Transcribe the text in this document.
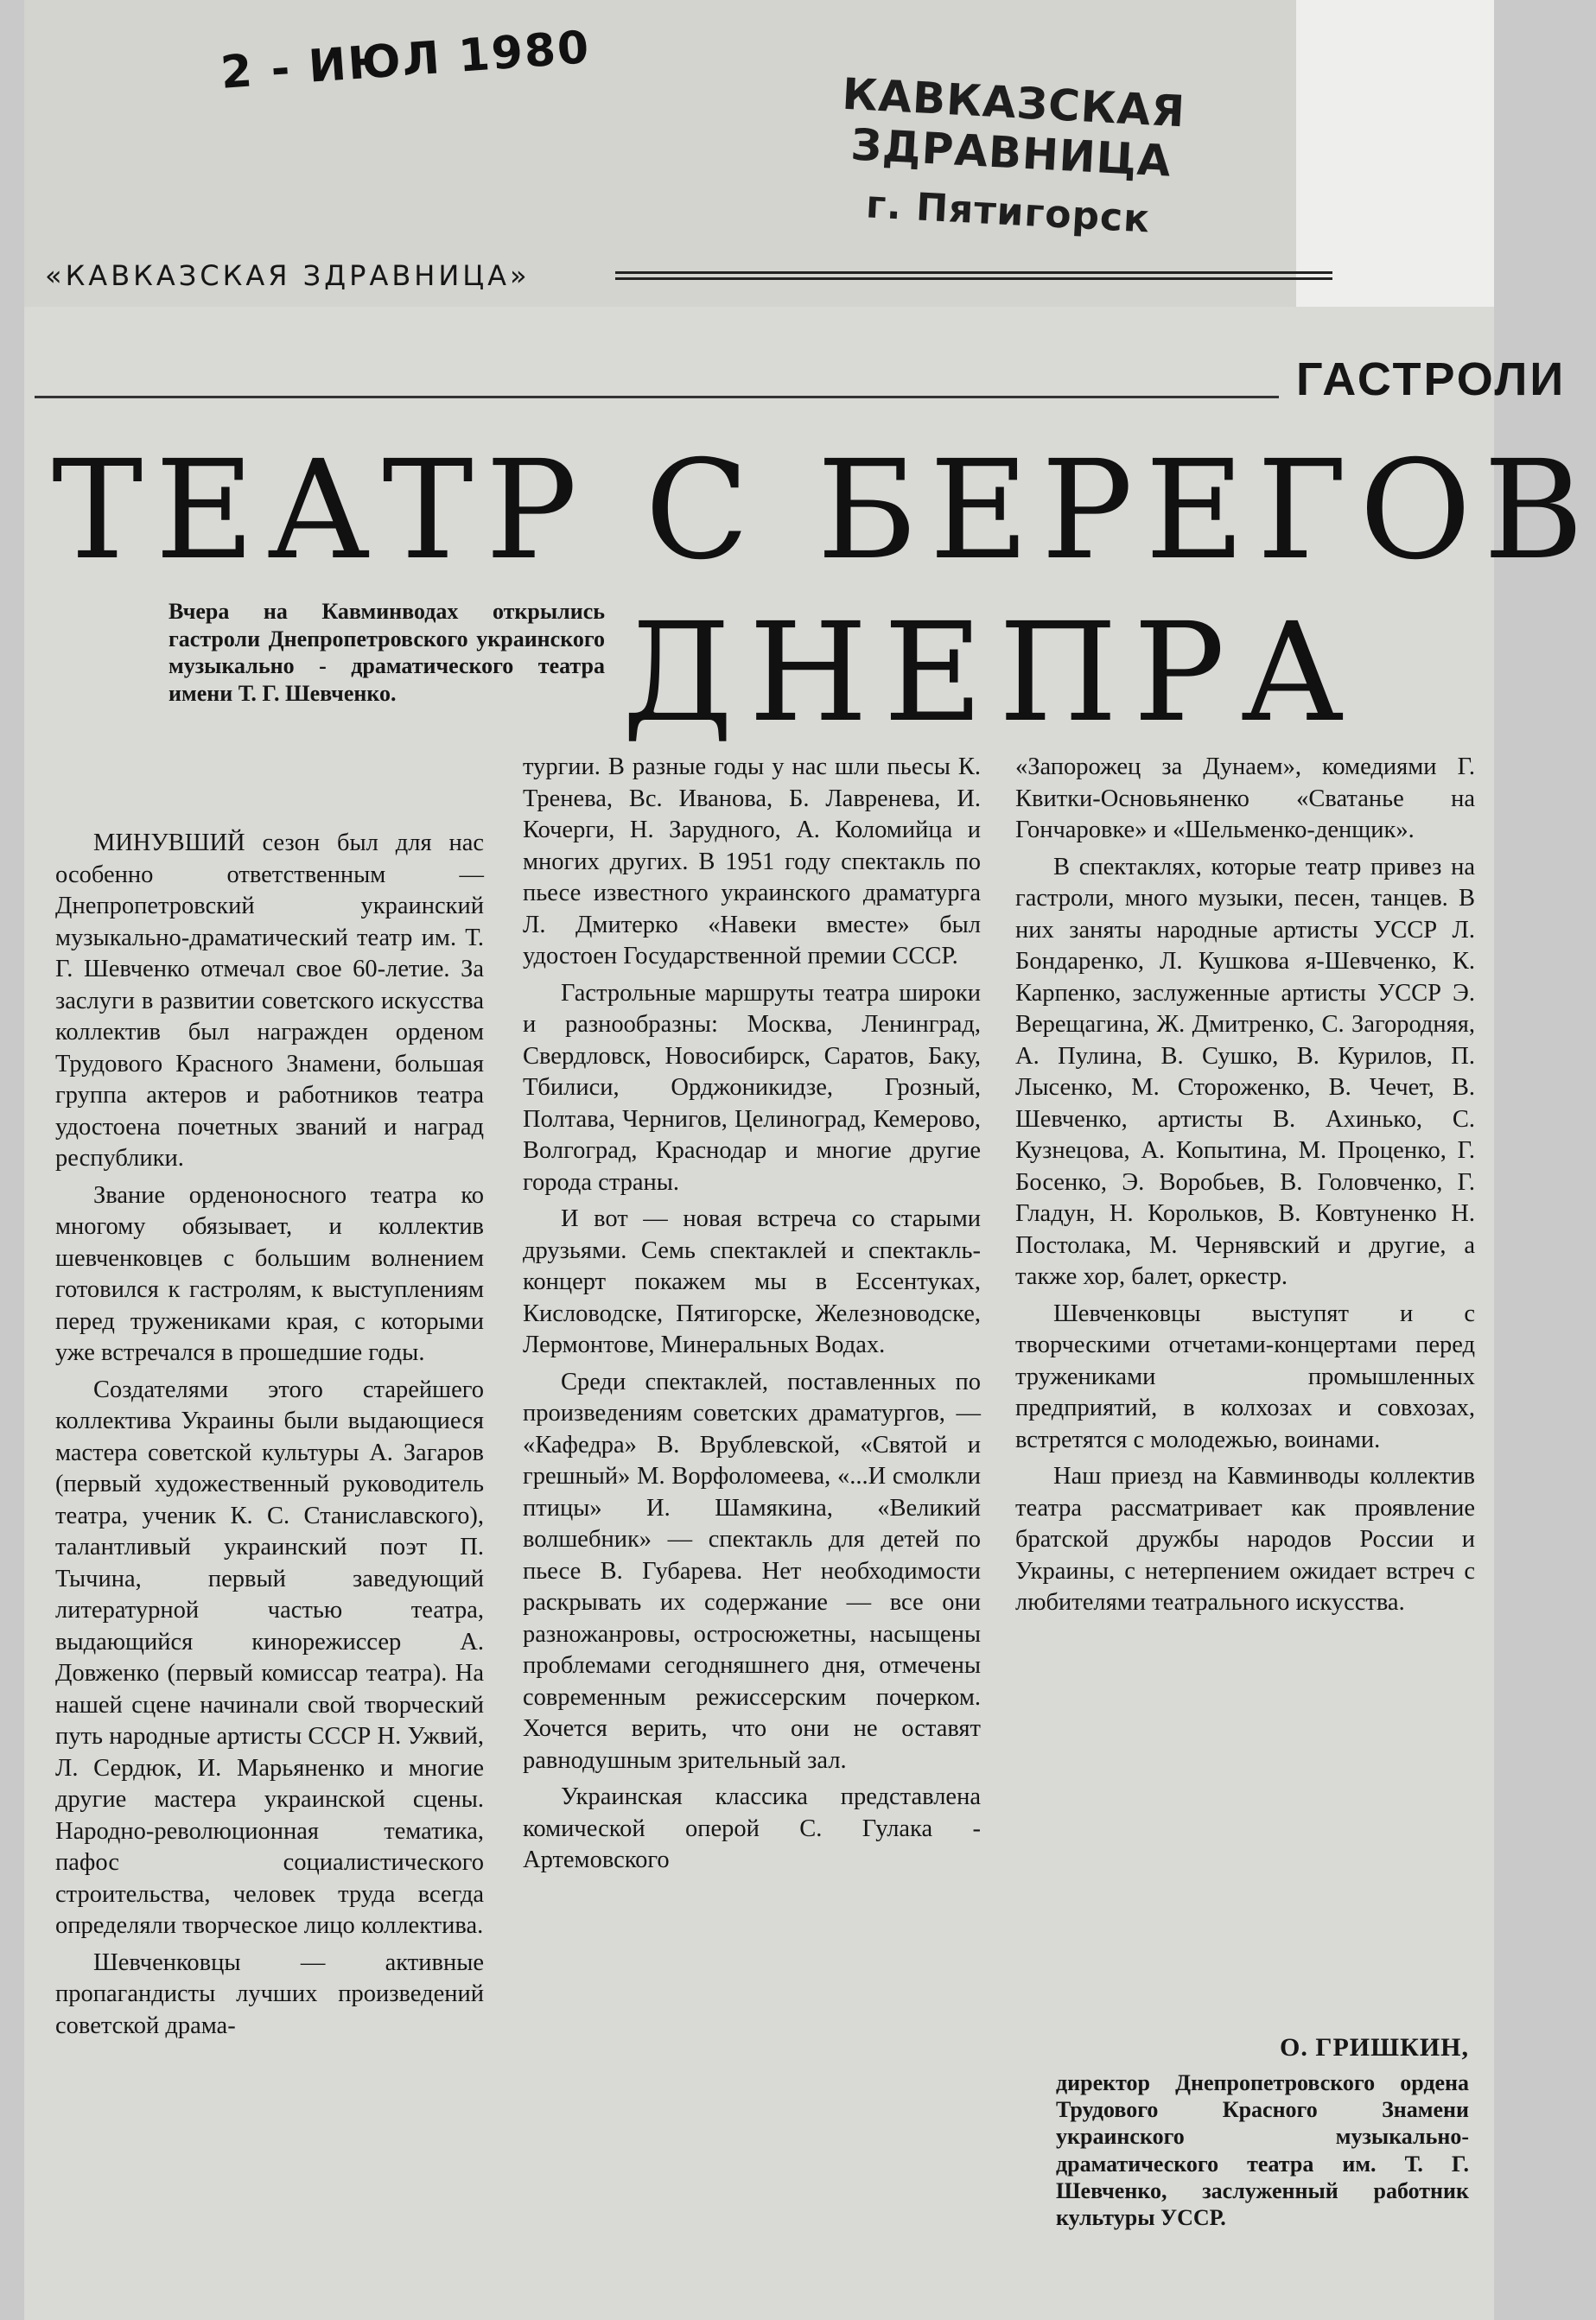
2 - ИЮЛ 1980
КАВКАЗСКАЯ ЗДРАВНИЦА
г. Пятигорск
«КАВКАЗСКАЯ ЗДРАВНИЦА»
ГАСТРОЛИ
ТЕАТР С БЕРЕГОВ
ДНЕПРА
Вчера на Кавминводах открылись гастроли Днепропетровского украинского музыкально - драматического театра имени Т. Г. Шевченко.

МИНУВШИЙ сезон был для нас особенно ответственным — Днепропетровский украинский музыкально-драматический театр им. Т. Г. Шевченко отмечал свое 60-летие. За заслуги в развитии советского искусства коллектив был награжден орденом Трудового Красного Знамени, большая группа актеров и работников театра удостоена почетных званий и наград республики.

Звание орденоносного театра ко многому обязывает, и коллектив шевченковцев с большим волнением готовился к гастролям, к выступлениям перед тружениками края, с которыми уже встречался в прошедшие годы.

Создателями этого старейшего коллектива Украины были выдающиеся мастера советской культуры А. Загаров (первый художественный руководитель театра, ученик К. С. Станиславского), талантливый украинский поэт П. Тычина, первый заведующий литературной частью театра, выдающийся кинорежиссер А. Довженко (первый комиссар театра). На нашей сцене начинали свой творческий путь народные артисты СССР Н. Ужвий, Л. Сердюк, И. Марьяненко и многие другие мастера украинской сцены. Народно-революционная тематика, пафос социалистического строительства, человек труда всегда определяли творческое лицо коллектива.

Шевченковцы — активные пропагандисты лучших произведений советской драма-

тургии. В разные годы у нас шли пьесы К. Тренева, Вс. Иванова, Б. Лавренева, И. Кочерги, Н. Зарудного, А. Коломийца и многих других. В 1951 году спектакль по пьесе известного украинского драматурга Л. Дмитерко «Навеки вместе» был удостоен Государственной премии СССР.

Гастрольные маршруты театра широки и разнообразны: Москва, Ленинград, Свердловск, Новосибирск, Саратов, Баку, Тбилиси, Орджоникидзе, Грозный, Полтава, Чернигов, Целиноград, Кемерово, Волгоград, Краснодар и многие другие города страны.

И вот — новая встреча со старыми друзьями. Семь спектаклей и спектакль-концерт покажем мы в Ессентуках, Кисловодске, Пятигорске, Железноводске, Лермонтове, Минеральных Водах.

Среди спектаклей, поставленных по произведениям советских драматургов, — «Кафедра» В. Врублевской, «Святой и грешный» М. Ворфоломеева, «...И смолкли птицы» И. Шамякина, «Великий волшебник» — спектакль для детей по пьесе В. Губарева. Нет необходимости раскрывать их содержание — все они разножанровы, остросюжетны, насыщены проблемами сегодняшнего дня, отмечены современным режиссерским почерком. Хочется верить, что они не оставят равнодушным зрительный зал.

Украинская классика представлена комической оперой С. Гулака - Артемовского

«Запорожец за Дунаем», комедиями Г. Квитки-Основьяненко «Сватанье на Гончаровке» и «Шельменко-денщик».

В спектаклях, которые театр привез на гастроли, много музыки, песен, танцев. В них заняты народные артисты УССР Л. Бондаренко, Л. Кушкова я-Шевченко, К. Карпенко, заслуженные артисты УССР Э. Верещагина, Ж. Дмитренко, С. Загородняя, А. Пулина, В. Сушко, В. Курилов, П. Лысенко, М. Стороженко, В. Чечет, В. Шевченко, артисты В. Ахинько, С. Кузнецова, А. Копытина, М. Проценко, Г. Босенко, Э. Воробьев, В. Головченко, Г. Гладун, Н. Корольков, В. Ковтуненко Н. Постолака, М. Чернявский и другие, а также хор, балет, оркестр.

Шевченковцы выступят и с творческими отчетами-концертами перед тружениками промышленных предприятий, в колхозах и совхозах, встретятся с молодежью, воинами.

Наш приезд на Кавминводы коллектив театра рассматривает как проявление братской дружбы народов России и Украины, с нетерпением ожидает встреч с любителями театрального искусства.

О. ГРИШКИН,
директор Днепропетровского ордена Трудового Красного Знамени украинского музыкально-драматического театра им. Т. Г. Шевченко, заслуженный работник культуры УССР.
